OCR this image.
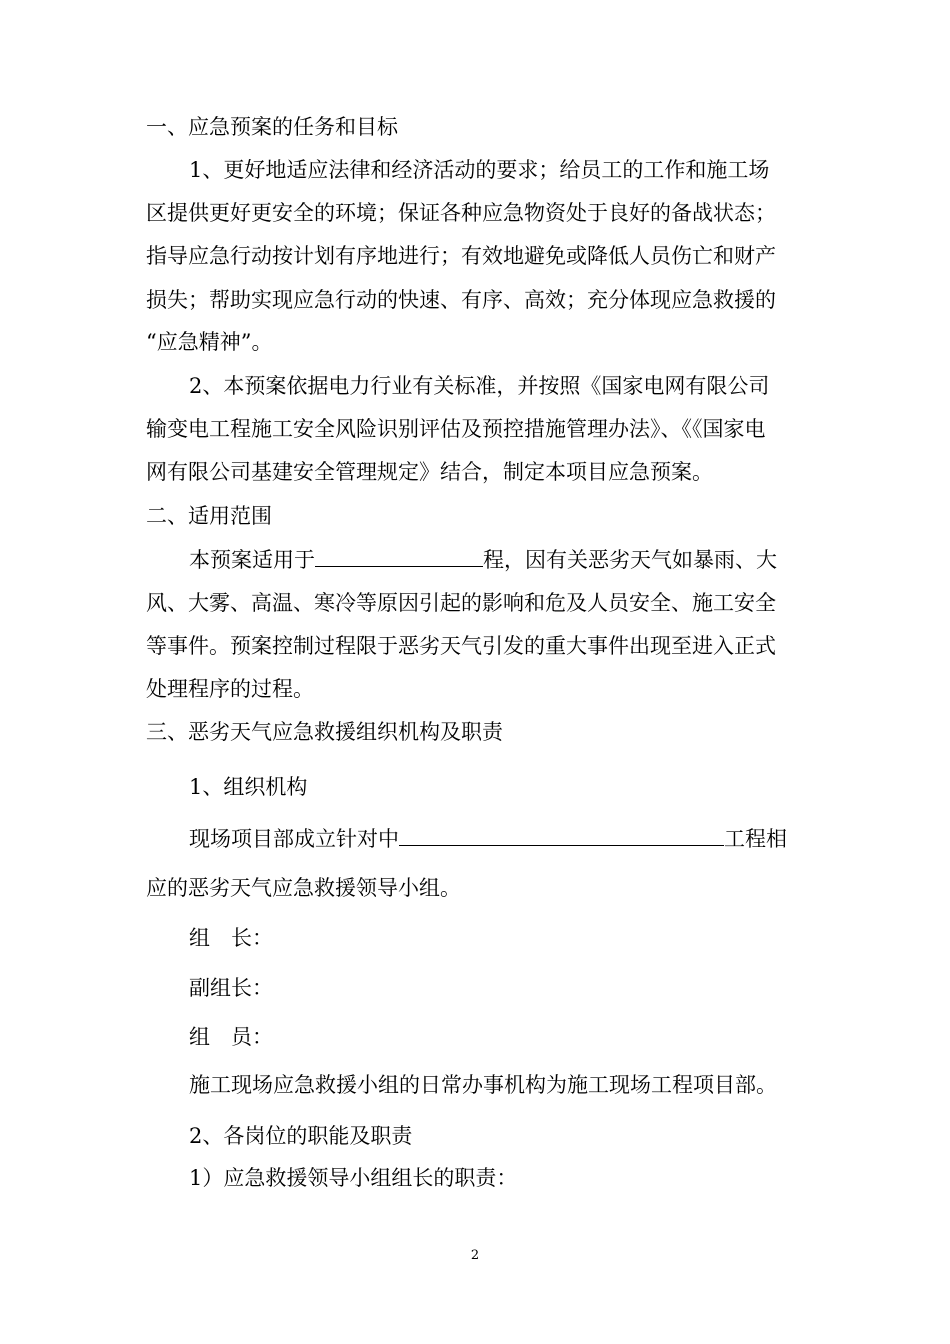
一、应急预案的任务和目标
1、更好地适应法律和经济活动的要求；给员工的工作和施工场
区提供更好更安全的环境；保证各种应急物资处于良好的备战状态；
指导应急行动按计划有序地进行；有效地避免或降低人员伤亡和财产
损失；帮助实现应急行动的快速、有序、高效；充分体现应急救援的
“应急精神”。
2、本预案依据电力行业有关标准，并按照《国家电网有限公司
输变电工程施工安全风险识别评估及预控措施管理办法》、《《国家电
网有限公司基建安全管理规定》结合，制定本项目应急预案。
二、适用范围
本预案适用于	程，因有关恶劣天气如暴雨、大
风、大雾、高温、寒冷等原因引起的影响和危及人员安全、施工安全
等事件。预案控制过程限于恶劣天气引发的重大事件出现至进入正式
处理程序的过程。
三、恶劣天气应急救援组织机构及职责
1、组织机构
现场项目部成立针对中	工程相
应的恶劣天气应急救援领导小组。
组　长：
副组长：
组　员：
施工现场应急救援小组的日常办事机构为施工现场工程项目部。
2、各岗位的职能及职责
1）应急救援领导小组组长的职责：
2
